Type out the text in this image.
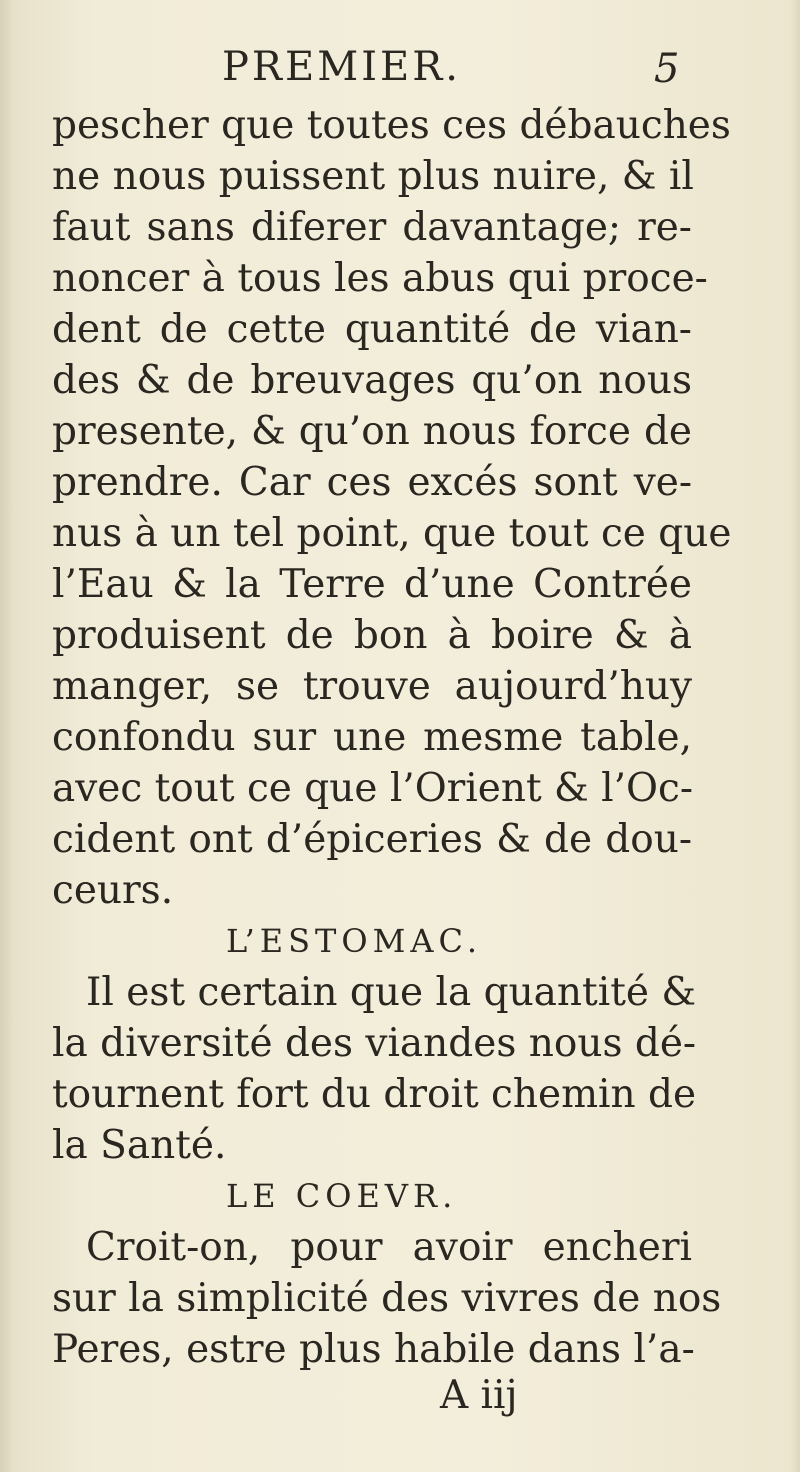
PREMIER.	5
pescher que toutes ces débauches
ne nous puissent plus nuire, & il
faut sans diferer davantage; re-
noncer à tous les abus qui proce-
dent de cette quantité de vian-
des & de breuvages qu’on nous
presente, & qu’on nous force de
prendre. Car ces excés sont ve-
nus à un tel point, que tout ce que
l’Eau & la Terre d’une Contrée
produisent de bon à boire & à
manger, se trouve aujourd’huy
confondu sur une mesme table,
avec tout ce que l’Orient & l’Oc-
cident ont d’épiceries & de dou-
ceurs.
L’ESTOMAC.
Il est certain que la quantité &
la diversité des viandes nous dé-
tournent fort du droit chemin de
la Santé.
LE COEVR.
Croit-on, pour avoir encheri
sur la simplicité des vivres de nos
Peres, estre plus habile dans l’a-
A iij
